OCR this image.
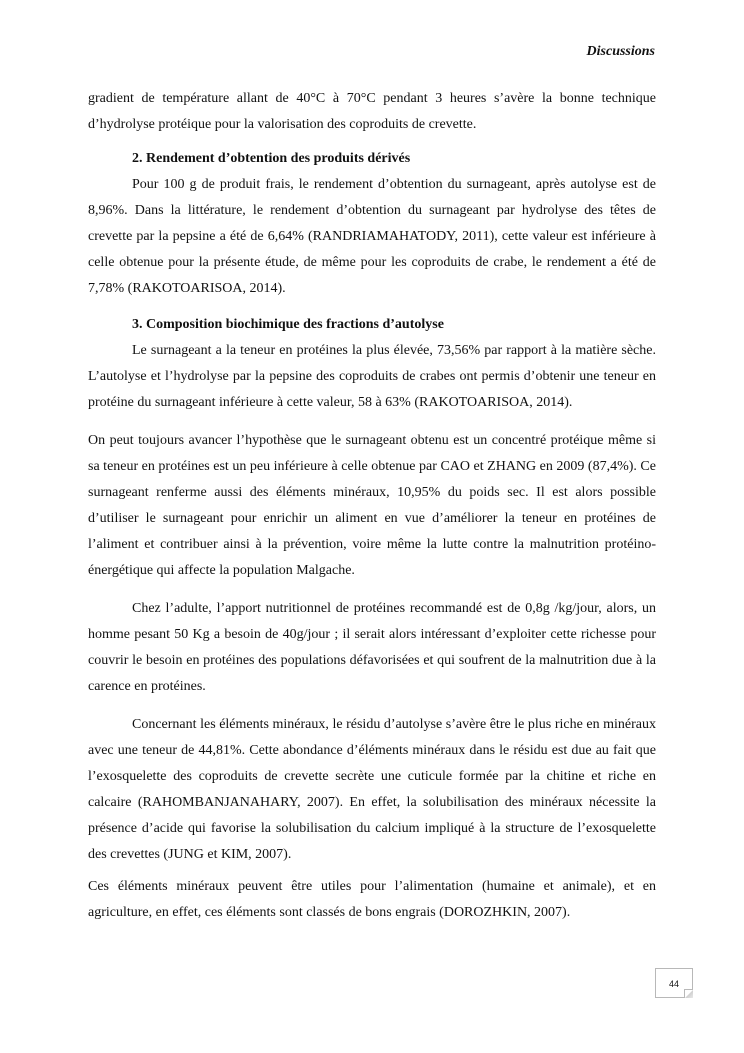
Discussions

gradient de température allant de 40°C à 70°C pendant 3 heures s’avère la bonne technique d’hydrolyse protéique pour la valorisation des coproduits de crevette.

2. Rendement d’obtention des produits dérivés

Pour 100 g de produit frais, le rendement d’obtention du surnageant, après autolyse est de 8,96%. Dans la littérature, le rendement d’obtention du surnageant par hydrolyse des têtes de crevette par la pepsine a été de 6,64% (RANDRIAMAHATODY, 2011), cette valeur est inférieure à celle obtenue pour la présente étude, de même pour les coproduits de crabe, le rendement a été de 7,78% (RAKOTOARISOA, 2014).

3. Composition biochimique des fractions d’autolyse

Le surnageant a la teneur en protéines la plus élevée, 73,56% par rapport à la matière sèche. L’autolyse et l’hydrolyse par la pepsine des coproduits de crabes ont permis d’obtenir une teneur en protéine du surnageant inférieure à cette valeur, 58 à 63% (RAKOTOARISOA, 2014).

On peut toujours avancer l’hypothèse que le surnageant obtenu est un concentré protéique même si sa teneur en protéines est un peu inférieure à celle obtenue par CAO et ZHANG en 2009 (87,4%). Ce surnageant renferme aussi des éléments minéraux, 10,95% du poids sec. Il est alors possible d’utiliser le surnageant pour enrichir un aliment en vue d’améliorer la teneur en protéines de l’aliment et contribuer ainsi à la prévention, voire même la lutte contre la malnutrition protéino-énergétique qui affecte la population Malgache.

Chez l’adulte, l’apport nutritionnel de protéines recommandé est de 0,8g /kg/jour, alors, un homme pesant 50 Kg a besoin de 40g/jour ; il serait alors intéressant d’exploiter cette richesse pour couvrir le besoin en protéines des populations défavorisées et qui soufrent de la malnutrition due à la carence en protéines.

Concernant les éléments minéraux, le résidu d’autolyse s’avère être le plus riche en minéraux avec une teneur de 44,81%. Cette abondance d’éléments minéraux dans le résidu est due au fait que l’exosquelette des coproduits de crevette secrète une cuticule formée par la chitine et riche en calcaire (RAHOMBANJANAHARY, 2007). En effet, la solubilisation des minéraux nécessite la présence d’acide qui favorise la solubilisation du calcium impliqué à la structure de l’exosquelette des crevettes (JUNG et KIM, 2007).

Ces éléments minéraux peuvent être utiles pour l’alimentation (humaine et animale), et en agriculture, en effet, ces éléments sont classés de bons engrais (DOROZHKIN, 2007).

44
